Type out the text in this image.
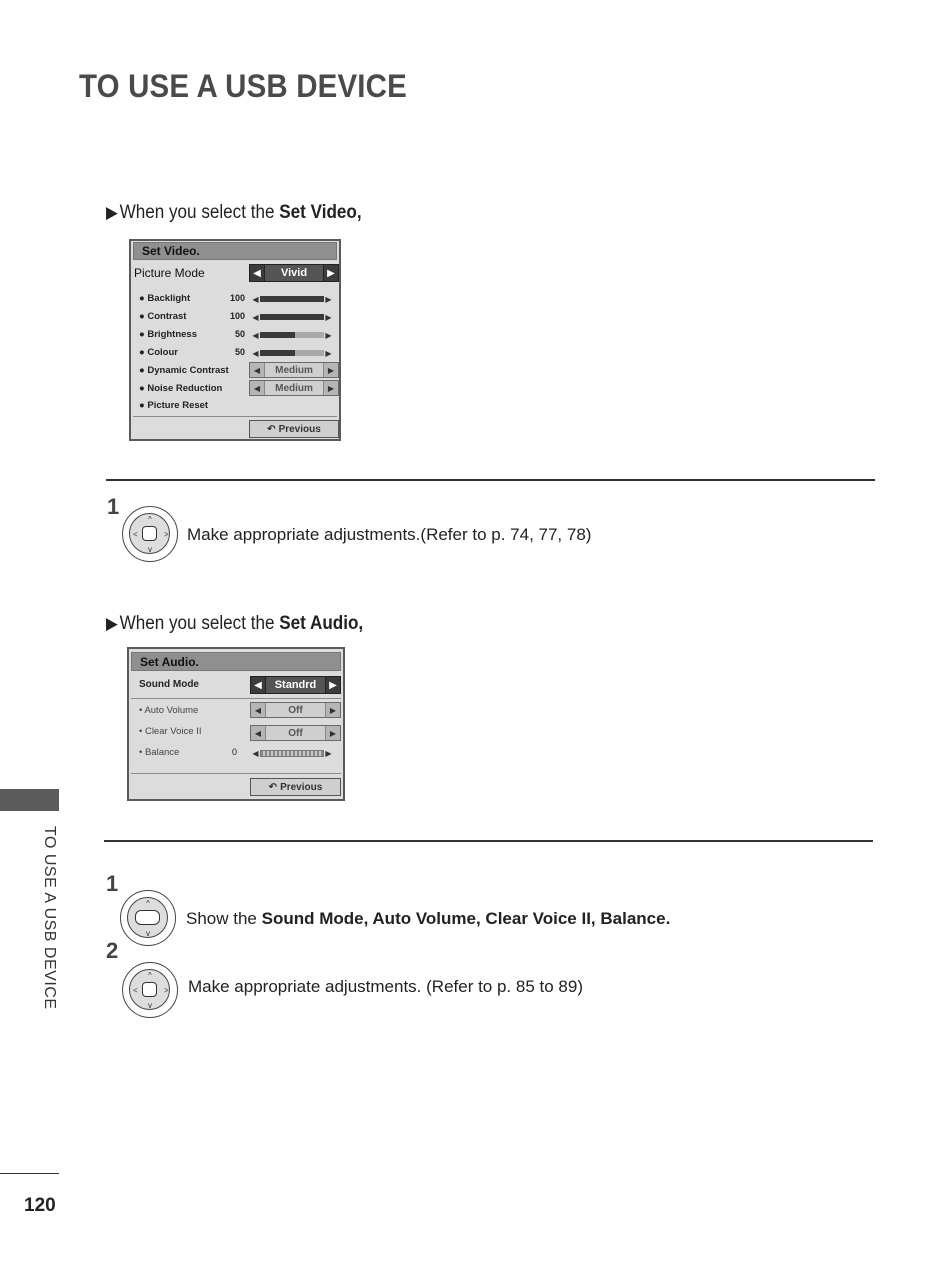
TO USE A USB DEVICE
▶When you select the Set Video,
Set Video.
Picture Mode	◀	Vivid	▶
● Backlight	100 ◀	▶
● Contrast	100 ◀	▶
● Brightness	50 ◀	▶
● Colour	50 ◀	▶
● Dynamic Contrast	◀	Medium	▶
● Noise Reduction	◀	Medium	▶
● Picture Reset
↶ Previous
1
^
v
<	> Make appropriate adjustments.(Refer to p. 74, 77, 78)
▶When you select the Set Audio,
Set Audio.
Sound Mode	◀	Standrd	▶
• Auto Volume	◀	Off	▶
• Clear Voice II	◀	Off	▶
• Balance	0 ◀	▶
↶ Previous
1
^
v
Show the Sound Mode, Auto Volume, Clear Voice II, Balance.
2
^
v
<	> Make appropriate adjustments. (Refer to p. 85 to 89)
TO USE A USB DEVICE
120
